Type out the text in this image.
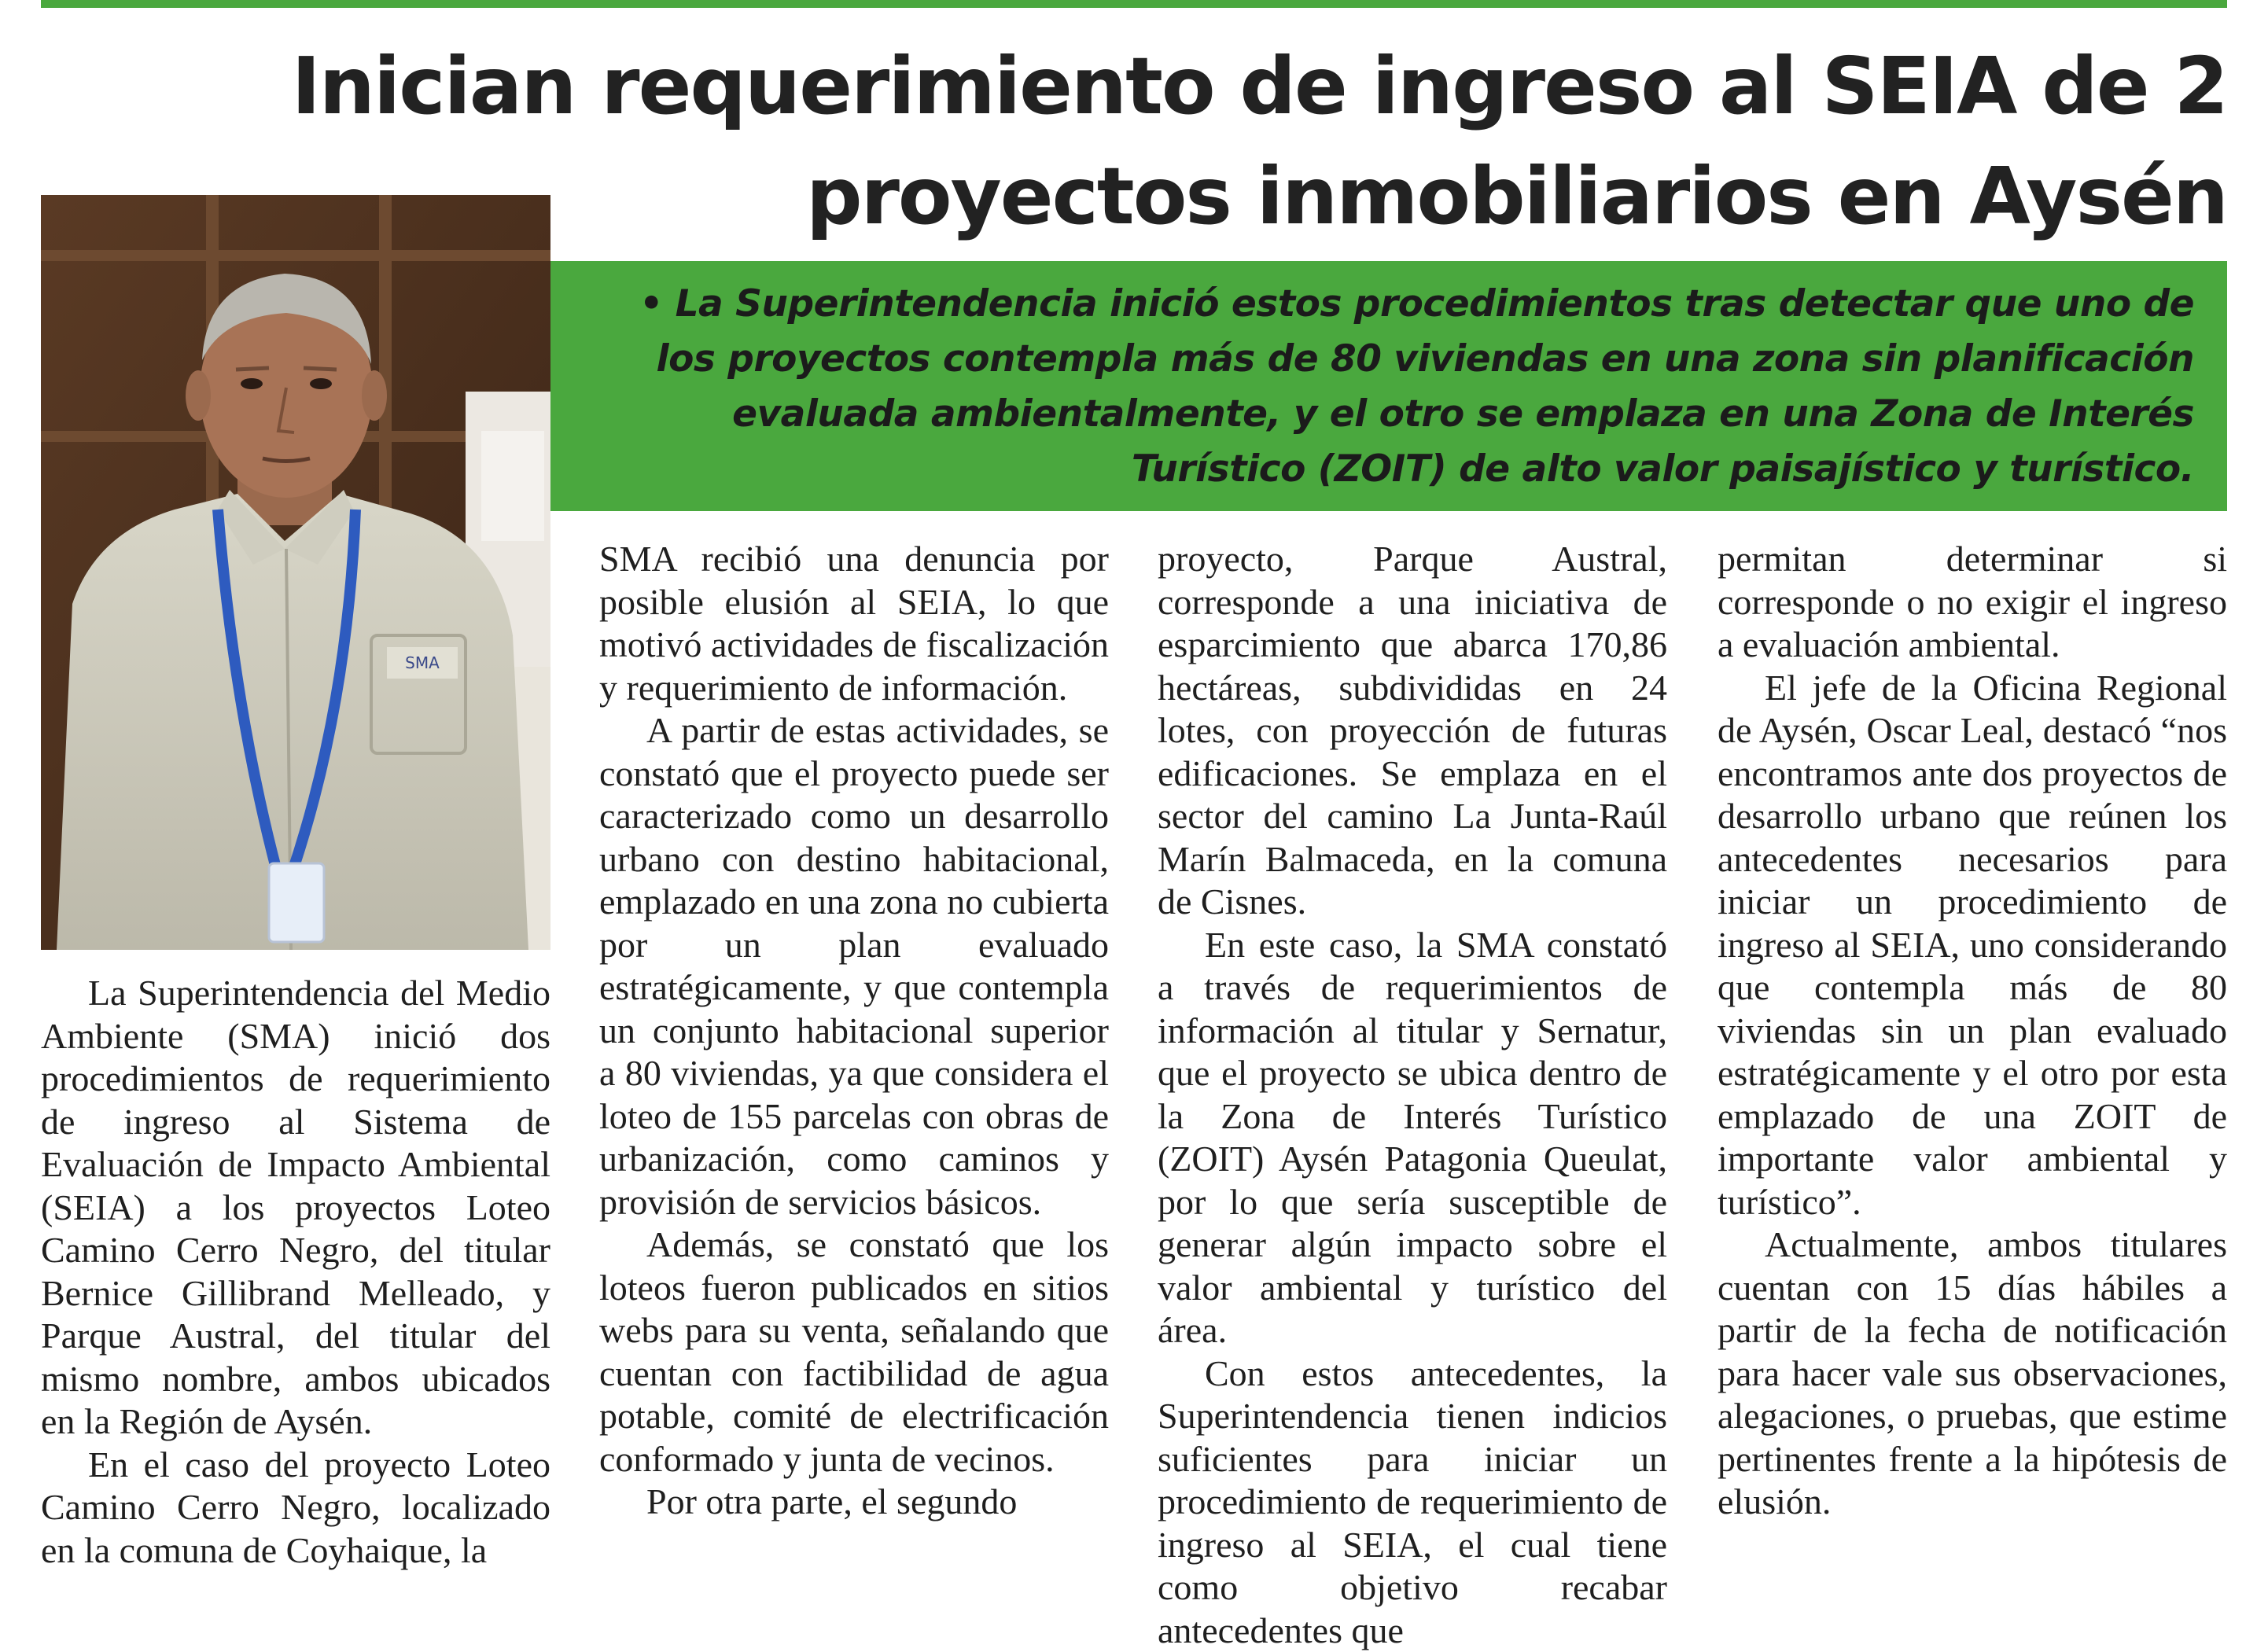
Inician requerimiento de ingreso al SEIA de 2 proyectos inmobiliarios en Aysén
SMA

• La Superintendencia inició estos procedimientos tras detectar que uno de los proyectos contempla más de 80 viviendas en una zona sin planificación evaluada ambientalmente, y el otro se emplaza en una Zona de Interés Turístico (ZOIT) de alto valor paisajístico y turístico.

La Superintendencia del Medio Ambiente (SMA) inició dos procedimientos de requerimiento de ingreso al Sistema de Evaluación de Impacto Ambiental (SEIA) a los proyectos Loteo Camino Cerro Negro, del titular Bernice Gillibrand Melleado, y Parque Austral, del titular del mismo nombre, ambos ubicados en la Región de Aysén.

En el caso del proyecto Loteo Camino Cerro Negro, localizado en la comuna de Coyhaique, la

SMA recibió una denuncia por posible elusión al SEIA, lo que motivó actividades de fiscalización y requerimiento de información.

A partir de estas actividades, se constató que el proyecto puede ser caracterizado como un desarrollo urbano con destino habitacional, emplazado en una zona no cubierta por un plan evaluado estratégicamente, y que contempla un conjunto habitacional superior a 80 viviendas, ya que considera el loteo de 155 parcelas con obras de urbanización, como caminos y provisión de servicios básicos.

Además, se constató que los loteos fueron publicados en sitios webs para su venta, señalando que cuentan con factibilidad de agua potable, comité de electrificación conformado y junta de vecinos.

Por otra parte, el segundo

proyecto, Parque Austral, corresponde a una iniciativa de esparcimiento que abarca 170,86 hectáreas, subdivididas en 24 lotes, con proyección de futuras edificaciones. Se emplaza en el sector del camino La Junta-Raúl Marín Balmaceda, en la comuna de Cisnes.

En este caso, la SMA constató a través de requerimientos de información al titular y Sernatur, que el proyecto se ubica dentro de la Zona de Interés Turístico (ZOIT) Aysén Patagonia Queulat, por lo que sería susceptible de generar algún impacto sobre el valor ambiental y turístico del área.

Con estos antecedentes, la Superintendencia tienen indicios suficientes para iniciar un procedimiento de requerimiento de ingreso al SEIA, el cual tiene como objetivo recabar antecedentes que

permitan determinar si corresponde o no exigir el ingreso a evaluación ambiental.

El jefe de la Oficina Regional de Aysén, Oscar Leal, destacó “nos encontramos ante dos proyectos de desarrollo urbano que reúnen los antecedentes necesarios para iniciar un procedimiento de ingreso al SEIA, uno considerando que contempla más de 80 viviendas sin un plan evaluado estratégicamente y el otro por esta emplazado de una ZOIT de importante valor ambiental y turístico”.

Actualmente, ambos titulares cuentan con 15 días hábiles a partir de la fecha de notificación para hacer vale sus observaciones, alegaciones, o pruebas, que estime pertinentes frente a la hipótesis de elusión.
